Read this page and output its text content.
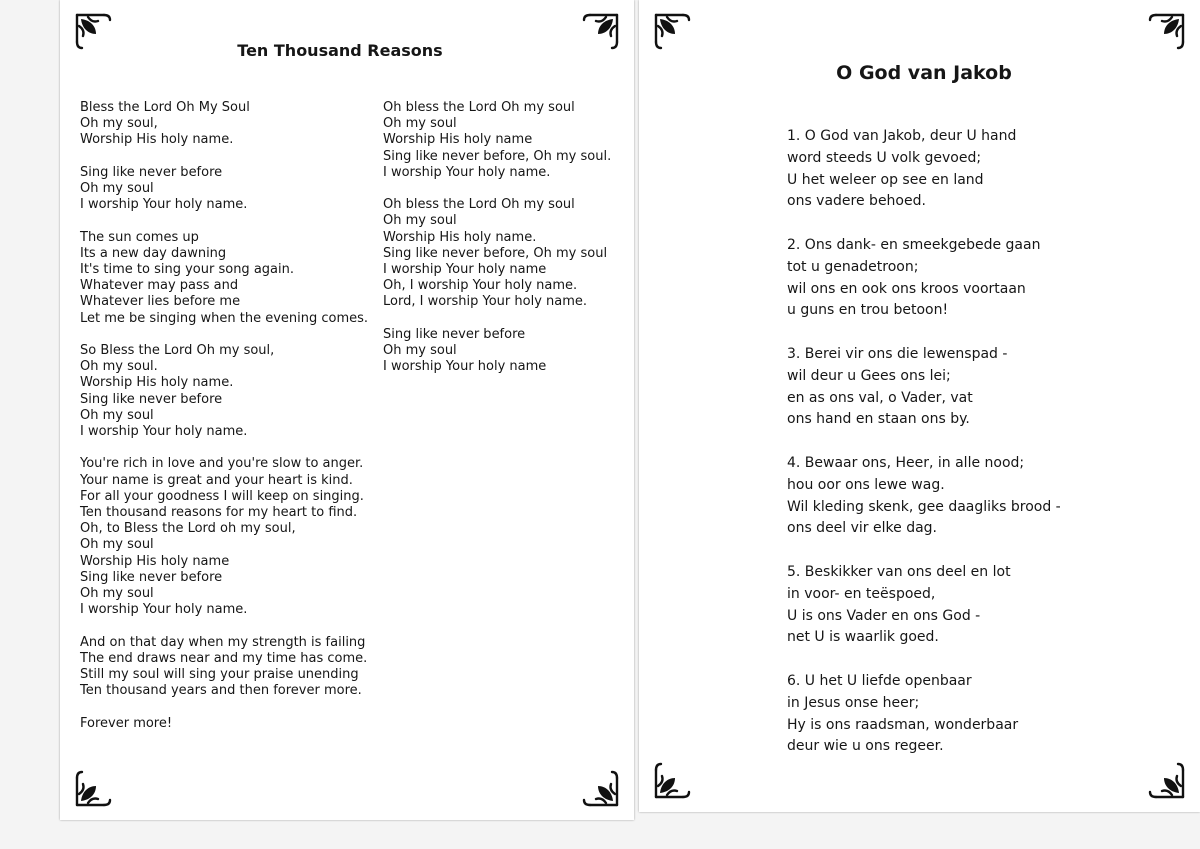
Ten Thousand Reasons
Bless the Lord Oh My Soul
Oh my soul,
Worship His holy name.
Sing like never before
Oh my soul
I worship Your holy name.
The sun comes up
Its a new day dawning
It's time to sing your song again.
Whatever may pass and
Whatever lies before me
Let me be singing when the evening comes.
So Bless the Lord Oh my soul,
Oh my soul.
Worship His holy name.
Sing like never before
Oh my soul
I worship Your holy name.
You're rich in love and you're slow to anger.
Your name is great and your heart is kind.
For all your goodness I will keep on singing.
Ten thousand reasons for my heart to find.
Oh, to Bless the Lord oh my soul,
Oh my soul
Worship His holy name
Sing like never before
Oh my soul
I worship Your holy name.
And on that day when my strength is failing
The end draws near and my time has come.
Still my soul will sing your praise unending
Ten thousand years and then forever more.
Forever more!
Oh bless the Lord Oh my soul
Oh my soul
Worship His holy name
Sing like never before, Oh my soul.
I worship Your holy name.
Oh bless the Lord Oh my soul
Oh my soul
Worship His holy name.
Sing like never before, Oh my soul
I worship Your holy name
Oh, I worship Your holy name.
Lord, I worship Your holy name.
Sing like never before
Oh my soul
I worship Your holy name
O God van Jakob
1. O God van Jakob, deur U hand
word steeds U volk gevoed;
U het weleer op see en land
ons vadere behoed.
2. Ons dank- en smeekgebede gaan
tot u genadetroon;
wil ons en ook ons kroos voortaan
u guns en trou betoon!
3. Berei vir ons die lewenspad -
wil deur u Gees ons lei;
en as ons val, o Vader, vat
ons hand en staan ons by.
4. Bewaar ons, Heer, in alle nood;
hou oor ons lewe wag.
Wil kleding skenk, gee daagliks brood -
ons deel vir elke dag.
5. Beskikker van ons deel en lot
in voor- en teëspoed,
U is ons Vader en ons God -
net U is waarlik goed.
6. U het U liefde openbaar
in Jesus onse heer;
Hy is ons raadsman, wonderbaar
deur wie u ons regeer.
